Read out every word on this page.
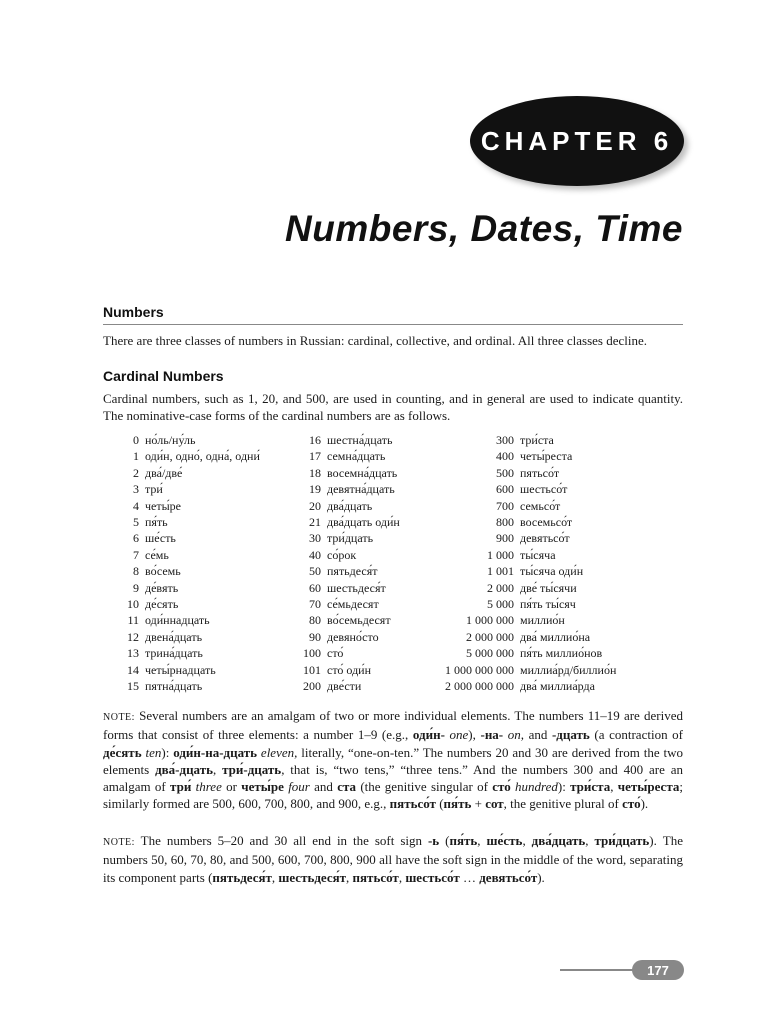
CHAPTER 6
Numbers, Dates, Time
Numbers

There are three classes of numbers in Russian: cardinal, collective, and ordinal. All three classes decline.

Cardinal Numbers

Cardinal numbers, such as 1, 20, and 500, are used in counting, and in general are used to indicate quantity. The nominative-case forms of the cardinal numbers are as follows.

0 но́ль/ну́ль
1 оди́н, одно́, одна́, одни́
2 два́/две́
3 три́
4 четы́ре
5 пя́ть
6 ше́сть
7 се́мь
8 во́семь
9 де́вять
10 де́сять
11 оди́ннадцать
12 двена́дцать
13 трина́дцать
14 четы́рнадцать
15 пятна́дцать
16 шестна́дцать
17 семна́дцать
18 восемна́дцать
19 девятна́дцать
20 два́дцать
21 два́дцать оди́н
30 три́дцать
40 со́рок
50 пятьдеся́т
60 шестьдеся́т
70 се́мьдесят
80 во́семьдесят
90 девяно́сто
100 сто́
101 сто́ оди́н
200 две́сти
300 три́ста
400 четы́реста
500 пятьсо́т
600 шестьсо́т
700 семьсо́т
800 восемьсо́т
900 девятьсо́т
1 000 ты́сяча
1 001 ты́сяча оди́н
2 000 две́ ты́сячи
5 000 пя́ть ты́сяч
1 000 000 миллио́н
2 000 000 два́ миллио́на
5 000 000 пя́ть миллио́нов
1 000 000 000 миллиа́рд/биллио́н
2 000 000 000 два́ миллиа́рда

NOTE: Several numbers are an amalgam of two or more individual elements. The numbers 11–19 are derived forms that consist of three elements: a number 1–9 (e.g., оди́н- one), -на- on, and -дцать (a contraction of де́сять ten): оди́н-на-дцать eleven, literally, “one-on-ten.” The numbers 20 and 30 are derived from the two elements два́-дцать, три́-дцать, that is, “two tens,” “three tens.” And the numbers 300 and 400 are an amalgam of три́ three or четы́ре four and ста (the genitive singular of сто́ hundred): три́ста, четы́реста; similarly formed are 500, 600, 700, 800, and 900, e.g., пятьсо́т (пя́ть + сот, the genitive plural of сто́).

NOTE: The numbers 5–20 and 30 all end in the soft sign -ь (пя́ть, ше́сть, два́дцать, три́дцать). The numbers 50, 60, 70, 80, and 500, 600, 700, 800, 900 all have the soft sign in the middle of the word, separating its component parts (пятьдеся́т, шестьдеся́т, пятьсо́т, шестьсо́т … девятьсо́т).

177
